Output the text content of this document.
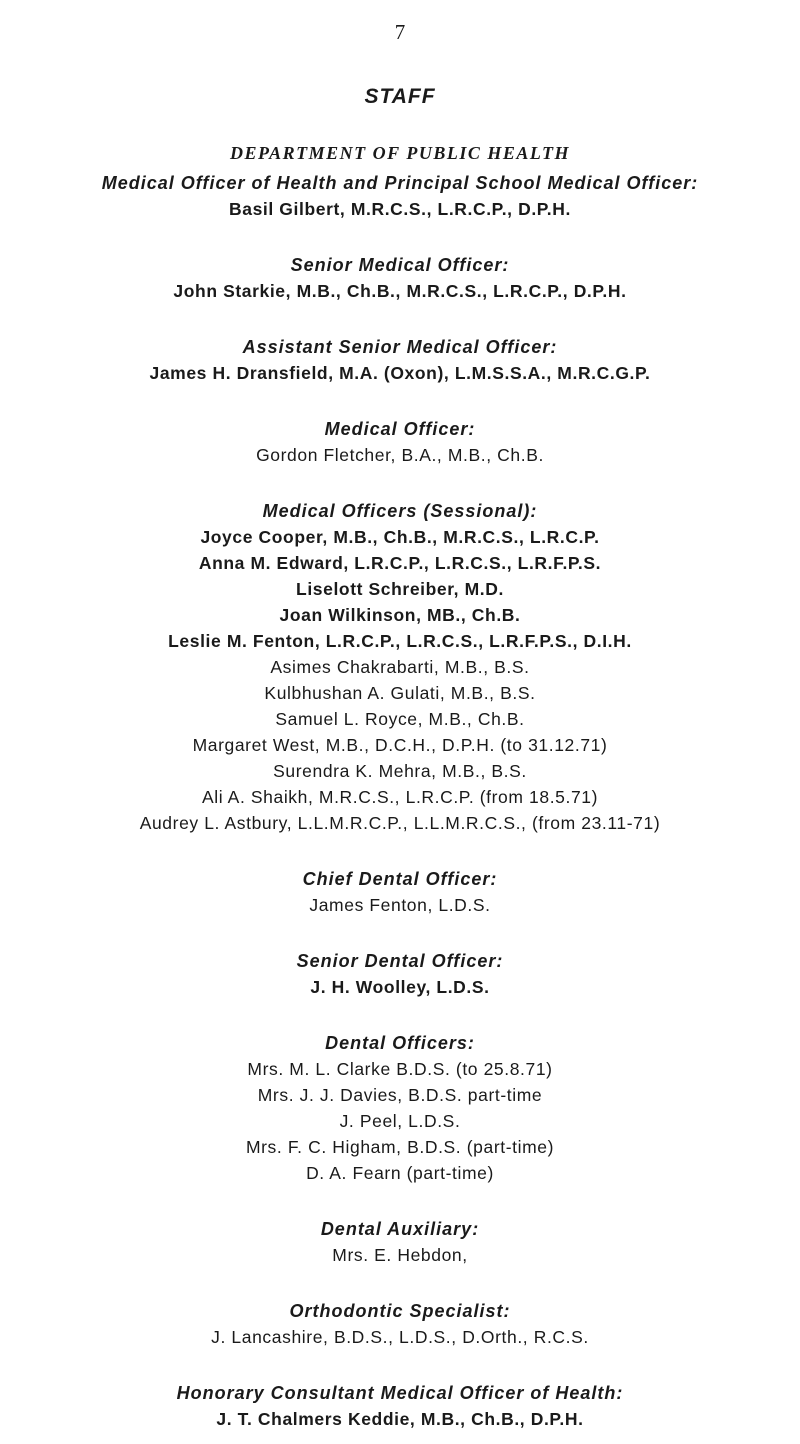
7
STAFF
DEPARTMENT OF PUBLIC HEALTH
Medical Officer of Health and Principal School Medical Officer:
Basil Gilbert, M.R.C.S., L.R.C.P., D.P.H.
Senior Medical Officer:
John Starkie, M.B., Ch.B., M.R.C.S., L.R.C.P., D.P.H.
Assistant Senior Medical Officer:
James H. Dransfield, M.A. (Oxon), L.M.S.S.A., M.R.C.G.P.
Medical Officer:
Gordon Fletcher, B.A., M.B., Ch.B.
Medical Officers (Sessional):
Joyce Cooper, M.B., Ch.B., M.R.C.S., L.R.C.P.
Anna M. Edward, L.R.C.P., L.R.C.S., L.R.F.P.S.
Liselott Schreiber, M.D.
Joan Wilkinson, MB., Ch.B.
Leslie M. Fenton, L.R.C.P., L.R.C.S., L.R.F.P.S., D.I.H.
Asimes Chakrabarti, M.B., B.S.
Kulbhushan A. Gulati, M.B., B.S.
Samuel L. Royce, M.B., Ch.B.
Margaret West, M.B., D.C.H., D.P.H. (to 31.12.71)
Surendra K. Mehra, M.B., B.S.
Ali A. Shaikh, M.R.C.S., L.R.C.P. (from 18.5.71)
Audrey L. Astbury, L.L.M.R.C.P., L.L.M.R.C.S., (from 23.11-71)
Chief Dental Officer:
James Fenton, L.D.S.
Senior Dental Officer:
J. H. Woolley, L.D.S.
Dental Officers:
Mrs. M. L. Clarke B.D.S. (to 25.8.71)
Mrs. J. J. Davies, B.D.S. part-time
J. Peel, L.D.S.
Mrs. F. C. Higham, B.D.S. (part-time)
D. A. Fearn (part-time)
Dental Auxiliary:
Mrs. E. Hebdon,
Orthodontic Specialist:
J. Lancashire, B.D.S., L.D.S., D.Orth., R.C.S.
Honorary Consultant Medical Officer of Health:
J. T. Chalmers Keddie, M.B., Ch.B., D.P.H.
